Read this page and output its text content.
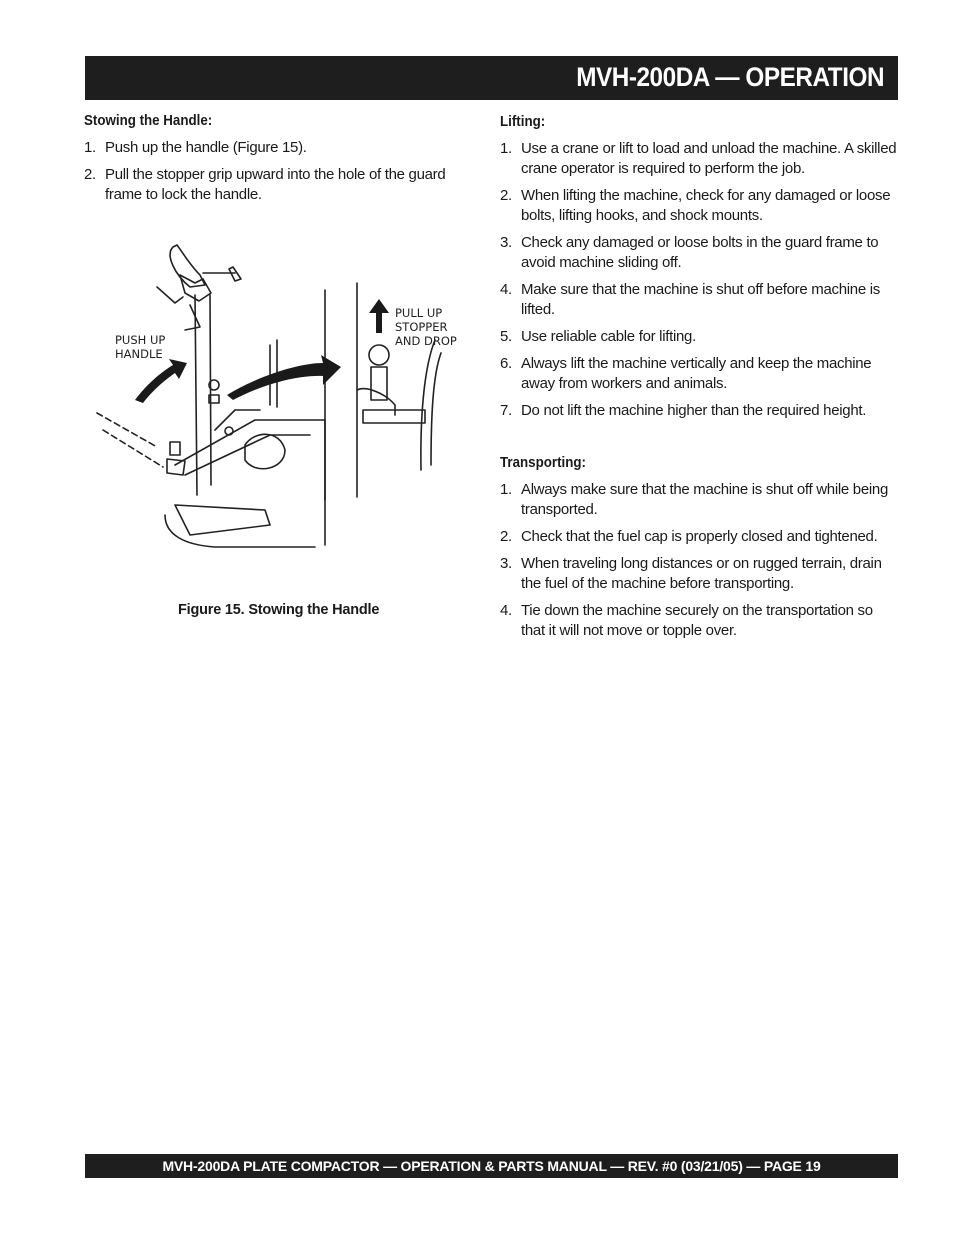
MVH-200DA — OPERATION
Stowing the Handle:
1. Push up the handle (Figure 15).
2. Pull the stopper grip upward into the hole of the guard frame to lock the handle.
PUSH UP HANDLE
PULL UP STOPPER AND DROP
Figure 15. Stowing the Handle
Lifting:
1. Use a crane or lift to load and unload the machine. A skilled crane operator is required to perform the job.
2. When lifting the machine, check for any damaged or loose bolts, lifting hooks, and shock mounts.
3. Check any damaged or loose bolts in the guard frame to avoid machine sliding off.
4. Make sure that the machine is shut off before machine is lifted.
5. Use reliable cable for lifting.
6. Always lift the machine vertically and keep the machine away from workers and animals.
7. Do not lift the machine higher than the required height.
Transporting:
1. Always make sure that the machine is shut off while being transported.
2. Check that the fuel cap is properly closed and tightened.
3. When traveling long distances or on rugged terrain, drain the fuel of the machine before transporting.
4. Tie down the machine securely on the transportation so that it will not move or topple over.
MVH-200DA PLATE COMPACTOR — OPERATION & PARTS MANUAL — REV. #0 (03/21/05) — PAGE 19
